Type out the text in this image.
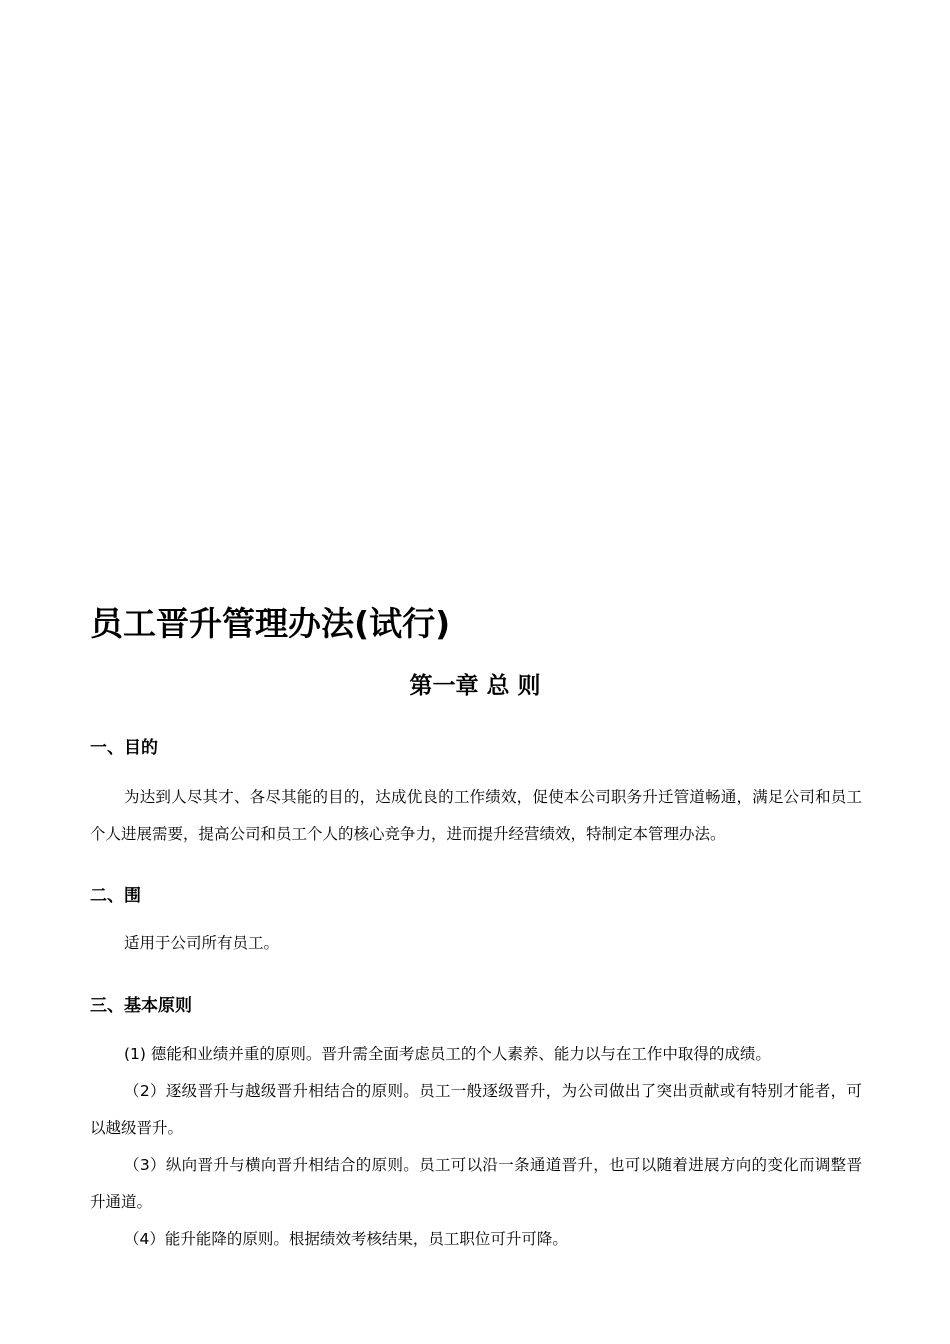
员工晋升管理办法(试行)
第一章 总 则
一、目的
为达到人尽其才、各尽其能的目的，达成优良的工作绩效，促使本公司职务升迁管道畅通，满足公司和员工个人进展需要，提高公司和员工个人的核心竞争力，进而提升经营绩效，特制定本管理办法。
二、围
适用于公司所有员工。
三、基本原则
(1) 德能和业绩并重的原则。晋升需全面考虑员工的个人素养、能力以与在工作中取得的成绩。
（2）逐级晋升与越级晋升相结合的原则。员工一般逐级晋升，为公司做出了突出贡献或有特别才能者，可以越级晋升。
（3）纵向晋升与横向晋升相结合的原则。员工可以沿一条通道晋升，也可以随着进展方向的变化而调整晋升通道。
（4）能升能降的原则。根据绩效考核结果，员工职位可升可降。
